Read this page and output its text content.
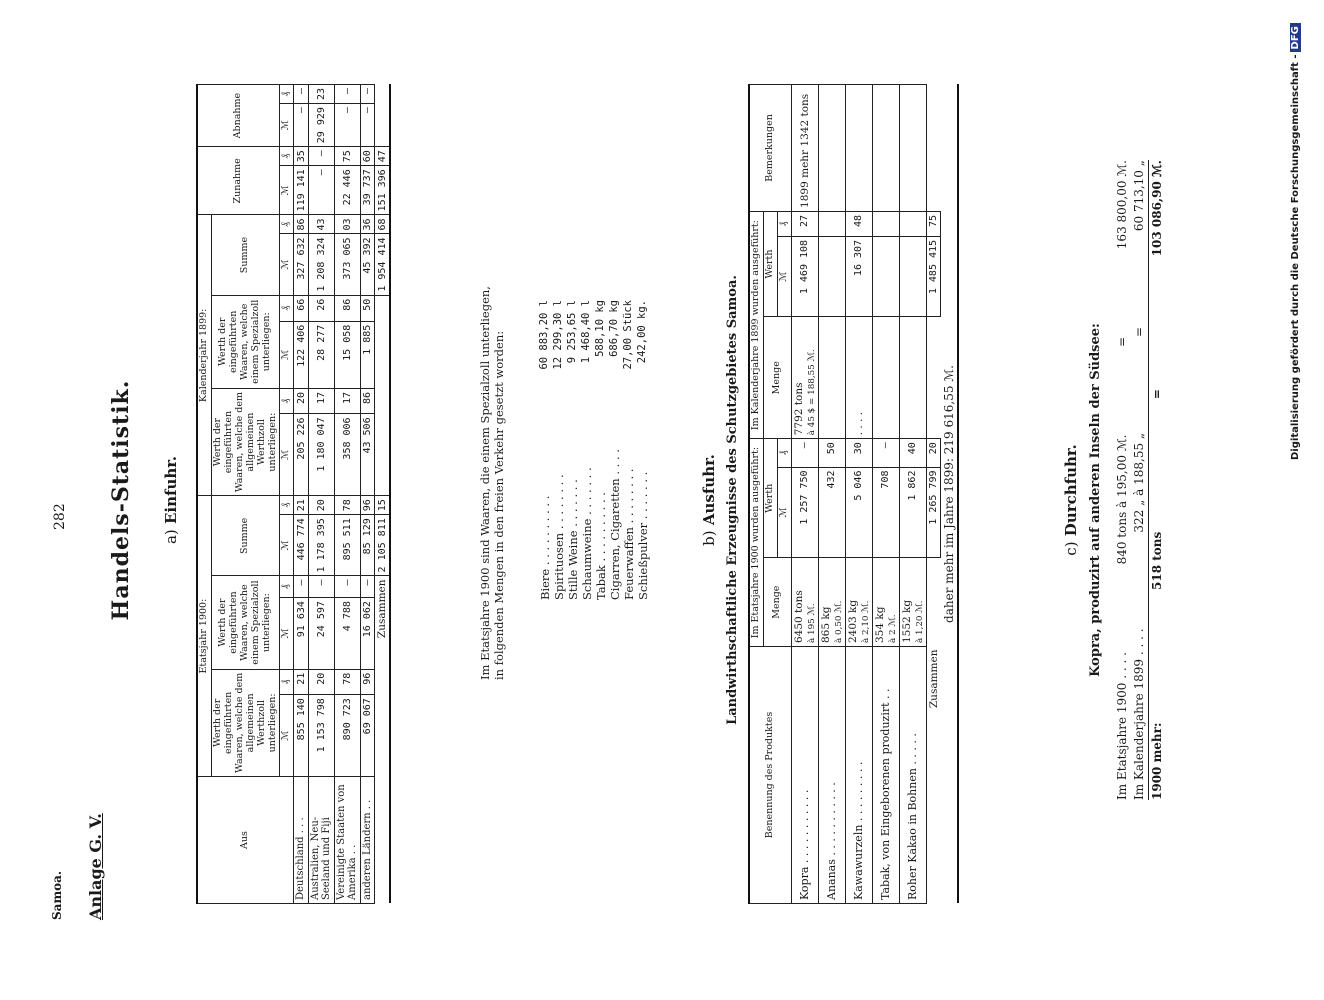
Samoa.
282
Anlage G. V.
Handels-Statistik. a) Einfuhr.
Aus	Etatsjahr 1900:						Kalenderjahr 1899:						Zunahme		Abnahme	
	Werth der eingeführten Waaren, welche dem allgemeinen Werthzoll unterliegen:		Werth der eingeführten Waaren, welche einem Spezialzoll unterliegen:		Summe		Werth der eingeführten Waaren, welche dem allgemeinen Werthzoll unterliegen:		Werth der eingeführten Waaren, welche einem Spezialzoll unterliegen:		Summe					
	ℳ	₰	ℳ	₰	ℳ	₰	ℳ	₰	ℳ	₰	ℳ	₰	ℳ	₰	ℳ	₰
Deutschland . . .	855 140	21	91 634	—	446 774	21	205 226	20	122 406	66	327 632	86	119 141	35	—	—
Australien, Neu-Seeland und Fiji	1 153 798	20	24 597	—	1 178 395	20	1 180 047	17	28 277	26	1 208 324	43	—	—	29 929	23
Vereinigte Staaten von Amerika . .	890 723	78	4 788	—	895 511	78	358 006	17	15 058	86	373 065	03	22 446	75	—	—
anderen Ländern . .	69 067	96	16 062	—	85 129	96	43 506	86	1 885	50	45 392	36	39 737	60	—	—
	Zusammen				2 105 811	15					1 954 414	68	151 396	47		
Im Etatsjahre 1900 sind Waaren, die einem Spezialzoll unterliegen, in folgenden Mengen in den freien Verkehr gesetzt worden:	Biere . . . . . . . . . .
60 883,20 l
Spirituosen . . . . . . . .
12 299,30 l
Stille Weine . . . . . . .
9 253,65 l
Schaumweine . . . . . . .
1 468,40 l
Tabak . . . . . . . . . .
588,10 kg
Cigarren, Cigaretten . . . .
686,70 kg
Feuerwaffen . . . . . . . .
27,00 Stück
Schießpulver . . . . . . .
242,00 kg.
b) Ausfuhr. Landwirthschaftliche Erzeugnisse des Schutzgebietes Samoa.
Benennung des Produktes	Im Etatsjahre 1900 wurden ausgeführt:			Im Kalenderjahre 1899 wurden ausgeführt:			Bemerkungen
	Menge	Werth		Menge	Werth		
		ℳ	₰		ℳ	₰	
Kopra . . . . . . . . . . .	6450 tons à 195 ℳ.	1 257 750	—	7792 tons à 45 $ = 188,55 ℳ.	1 469 108	27	1899 mehr 1342 tons
Ananas . . . . . . . . . . .	865 kg à 0,50 ℳ.	432	50	

Kawawurzeln . . . . . . . . .	2403 kg à 2,10 ℳ.	5 046	30	. . . .	16 307	48	
Tabak, von Eingeborenen produzirt . .	354 kg à 2 ℳ.	708	—	

Roher Kakao in Bohnen . . . . .	1552 kg à 1,20 ℳ.	1 862	40	

Zusammen		1 265 799	20		1 485 415	75	
daher mehr im Jahre 1899: 219 616,55 ℳ.								c) Durchfuhr. Kopra, produzirt auf anderen Inseln der Südsee:
Im Etatsjahre 1900 . . . .
840 tons à 195,00 ℳ.
=
163 800,00 ℳ.
Im Kalenderjahre 1899 . . . .
322 „ à 188,55 „
=
60 713,10 „
1900 mehr:
518 tons
=
103 086,90 ℳ.	Digitalisierung gefördert durch die Deutsche Forschungsgemeinschaft -DFG
